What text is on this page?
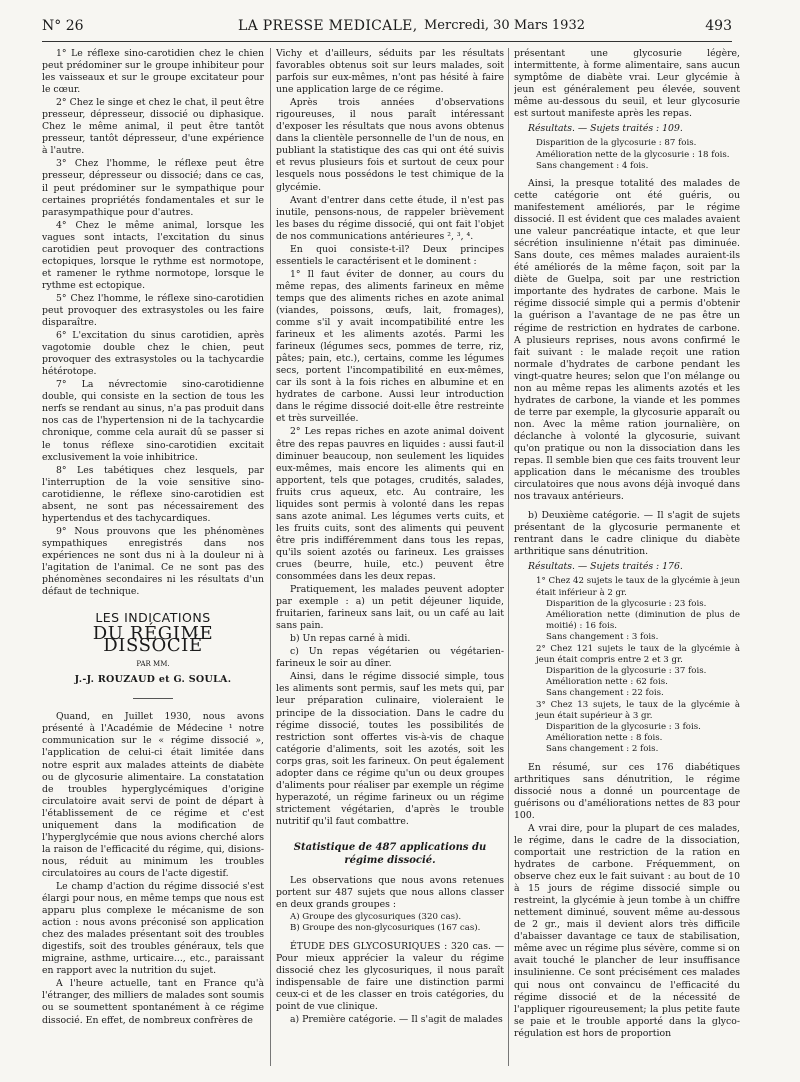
N° 26	LA PRESSE MEDICALE, Mercredi, 30 Mars 1932	493

1° Le réflexe sino-carotidien chez le chien peut prédominer sur le groupe inhibiteur pour les vaisseaux et sur le groupe excitateur pour le cœur.

2° Chez le singe et chez le chat, il peut être presseur, dépresseur, dissocié ou diphasique. Chez le même animal, il peut être tantôt presseur, tantôt dépresseur, d'une expérience à l'autre.

3° Chez l'homme, le réflexe peut être presseur, dépresseur ou dissocié; dans ce cas, il peut prédominer sur le sympathique pour certaines propriétés fondamentales et sur le parasympathique pour d'autres.

4° Chez le même animal, lorsque les vagues sont intacts, l'excitation du sinus carotidien peut provoquer des contractions ectopiques, lorsque le rythme est normotope, et ramener le rythme normotope, lorsque le rythme est ectopique.

5° Chez l'homme, le réflexe sino-carotidien peut provoquer des extrasystoles ou les faire disparaître.

6° L'excitation du sinus carotidien, après vagotomie double chez le chien, peut provoquer des extrasystoles ou la tachycardie hétérotope.

7° La névrectomie sino-carotidienne double, qui consiste en la section de tous les nerfs se rendant au sinus, n'a pas produit dans nos cas de l'hypertension ni de la tachycardie chronique, comme cela aurait dû se passer si le tonus réflexe sino-carotidien excitait exclusivement la voie inhibitrice.

8° Les tabétiques chez lesquels, par l'interruption de la voie sensitive sino-carotidienne, le réflexe sino-carotidien est absent, ne sont pas nécessairement des hypertendus et des tachycardiques.

9° Nous prouvons que les phénomènes sympathiques enregistrés dans nos expériences ne sont dus ni à la douleur ni à l'agitation de l'animal. Ce ne sont pas des phénomènes secondaires ni les résultats d'un défaut de technique.

LES INDICATIONS
DU RÉGIME DISSOCIÉ
PAR MM.
J.-J. ROUZAUD et G. SOULA.

Quand, en Juillet 1930, nous avons présenté à l'Académie de Médecine ¹ notre communication sur le « régime dissocié », l'application de celui-ci était limitée dans notre esprit aux malades atteints de diabète ou de glycosurie alimentaire. La constatation de troubles hyperglycémiques d'origine circulatoire avait servi de point de départ à l'établissement de ce régime et c'est uniquement dans la modification de l'hyperglycémie que nous avions cherché alors la raison de l'efficacité du régime, qui, disions-nous, réduit au minimum les troubles circulatoires au cours de l'acte digestif.

Le champ d'action du régime dissocié s'est élargi pour nous, en même temps que nous est apparu plus complexe le mécanisme de son action : nous avons préconisé son application chez des malades présentant soit des troubles digestifs, soit des troubles généraux, tels que migraine, asthme, urticaire..., etc., paraissant en rapport avec la nutrition du sujet.

A l'heure actuelle, tant en France qu'à l'étranger, des milliers de malades sont soumis ou se soumettent spontanément à ce régime dissocié. En effet, de nombreux confrères de

Vichy et d'ailleurs, séduits par les résultats favorables obtenus soit sur leurs malades, soit parfois sur eux-mêmes, n'ont pas hésité à faire une application large de ce régime.

Après trois années d'observations rigoureuses, il nous paraît intéressant d'exposer les résultats que nous avons obtenus dans la clientèle personnelle de l'un de nous, en publiant la statistique des cas qui ont été suivis et revus plusieurs fois et surtout de ceux pour lesquels nous possédons le test chimique de la glycémie.

Avant d'entrer dans cette étude, il n'est pas inutile, pensons-nous, de rappeler brièvement les bases du régime dissocié, qui ont fait l'objet de nos communications antérieures ², ³, ⁴.

En quoi consiste-t-il? Deux principes essentiels le caractérisent et le dominent :

1° Il faut éviter de donner, au cours du même repas, des aliments farineux en même temps que des aliments riches en azote animal (viandes, poissons, œufs, lait, fromages), comme s'il y avait incompatibilité entre les farineux et les aliments azotés. Parmi les farineux (légumes secs, pommes de terre, riz, pâtes; pain, etc.), certains, comme les légumes secs, portent l'incompatibilité en eux-mêmes, car ils sont à la fois riches en albumine et en hydrates de carbone. Aussi leur introduction dans le régime dissocié doit-elle être restreinte et très surveillée.

2° Les repas riches en azote animal doivent être des repas pauvres en liquides : aussi faut-il diminuer beaucoup, non seulement les liquides eux-mêmes, mais encore les aliments qui en apportent, tels que potages, crudités, salades, fruits crus aqueux, etc. Au contraire, les liquides sont permis à volonté dans les repas sans azote animal. Les légumes verts cuits, et les fruits cuits, sont des aliments qui peuvent être pris indifféremment dans tous les repas, qu'ils soient azotés ou farineux. Les graisses crues (beurre, huile, etc.) peuvent être consommées dans les deux repas.

Pratiquement, les malades peuvent adopter par exemple : a) un petit déjeuner liquide, fruitarien, farineux sans lait, ou un café au lait sans pain.

b) Un repas carné à midi.

c) Un repas végétarien ou végétarien-farineux le soir au dîner.

Ainsi, dans le régime dissocié simple, tous les aliments sont permis, sauf les mets qui, par leur préparation culinaire, violeraient le principe de la dissociation. Dans le cadre du régime dissocié, toutes les possibilités de restriction sont offertes vis-à-vis de chaque catégorie d'aliments, soit les azotés, soit les corps gras, soit les farineux. On peut également adopter dans ce régime qu'un ou deux groupes d'aliments pour réaliser par exemple un régime hyperazoté, un régime farineux ou un régime strictement végétarien, d'après le trouble nutritif qu'il faut combattre.

Statistique de 487 applications du régime dissocié.

Les observations que nous avons retenues portent sur 487 sujets que nous allons classer en deux grands groupes :

A) Groupe des glycosuriques (320 cas).
B) Groupe des non-glycosuriques (167 cas).

ÉTUDE DES GLYCOSURIQUES : 320 cas. — Pour mieux apprécier la valeur du régime dissocié chez les glycosuriques, il nous paraît indispensable de faire une distinction parmi ceux-ci et de les classer en trois catégories, du point de vue clinique.

a) Première catégorie. — Il s'agit de malades

présentant une glycosurie légère, intermittente, à forme alimentaire, sans aucun symptôme de diabète vrai. Leur glycémie à jeun est généralement peu élevée, souvent même au-dessous du seuil, et leur glycosurie est surtout manifeste après les repas.

Résultats. — Sujets traités : 109.

Disparition de la glycosurie : 87 fois.
Amélioration nette de la glycosurie : 18 fois.
Sans changement : 4 fois.

Ainsi, la presque totalité des malades de cette catégorie ont été guéris, ou manifestement améliorés, par le régime dissocié. Il est évident que ces malades avaient une valeur pancréatique intacte, et que leur sécrétion insulinienne n'était pas diminuée. Sans doute, ces mêmes malades auraient-ils été améliorés de la même façon, soit par la diète de Guelpa, soit par une restriction importante des hydrates de carbone. Mais le régime dissocié simple qui a permis d'obtenir la guérison a l'avantage de ne pas être un régime de restriction en hydrates de carbone. A plusieurs reprises, nous avons confirmé le fait suivant : le malade reçoit une ration normale d'hydrates de carbone pendant les vingt-quatre heures; selon que l'on mélange ou non au même repas les aliments azotés et les hydrates de carbone, la viande et les pommes de terre par exemple, la glycosurie apparaît ou non. Avec la même ration journalière, on déclanche à volonté la glycosurie, suivant qu'on pratique ou non la dissociation dans les repas. Il semble bien que ces faits trouvent leur application dans le mécanisme des troubles circulatoires que nous avons déjà invoqué dans nos travaux antérieurs.

b) Deuxième catégorie. — Il s'agit de sujets présentant de la glycosurie permanente et rentrant dans le cadre clinique du diabète arthritique sans dénutrition.

Résultats. — Sujets traités : 176.

1° Chez 42 sujets le taux de la glycémie à jeun était inférieur à 2 gr.
Disparition de la glycosurie : 23 fois.
Amélioration nette (diminution de plus de moitié) : 16 fois.
Sans changement : 3 fois.
2° Chez 121 sujets le taux de la glycémie à jeun était compris entre 2 et 3 gr.
Disparition de la glycosurie : 37 fois.
Amélioration nette : 62 fois.
Sans changement : 22 fois.
3° Chez 13 sujets, le taux de la glycémie à jeun était supérieur à 3 gr.
Disparition de la glycosurie : 3 fois.
Amélioration nette : 8 fois.
Sans changement : 2 fois.

En résumé, sur ces 176 diabétiques arthritiques sans dénutrition, le régime dissocié nous a donné un pourcentage de guérisons ou d'améliorations nettes de 83 pour 100.

A vrai dire, pour la plupart de ces malades, le régime, dans le cadre de la dissociation, comportait une restriction de la ration en hydrates de carbone. Fréquemment, on observe chez eux le fait suivant : au bout de 10 à 15 jours de régime dissocié simple ou restreint, la glycémie à jeun tombe à un chiffre nettement diminué, souvent même au-dessous de 2 gr., mais il devient alors très difficile d'abaisser davantage ce taux de stabilisation, même avec un régime plus sévère, comme si on avait touché le plancher de leur insuffisance insulinienne. Ce sont précisément ces malades qui nous ont convaincu de l'efficacité du régime dissocié et de la nécessité de l'appliquer rigoureusement; la plus petite faute se paie et le trouble apporté dans la glyco-régulation est hors de proportion
